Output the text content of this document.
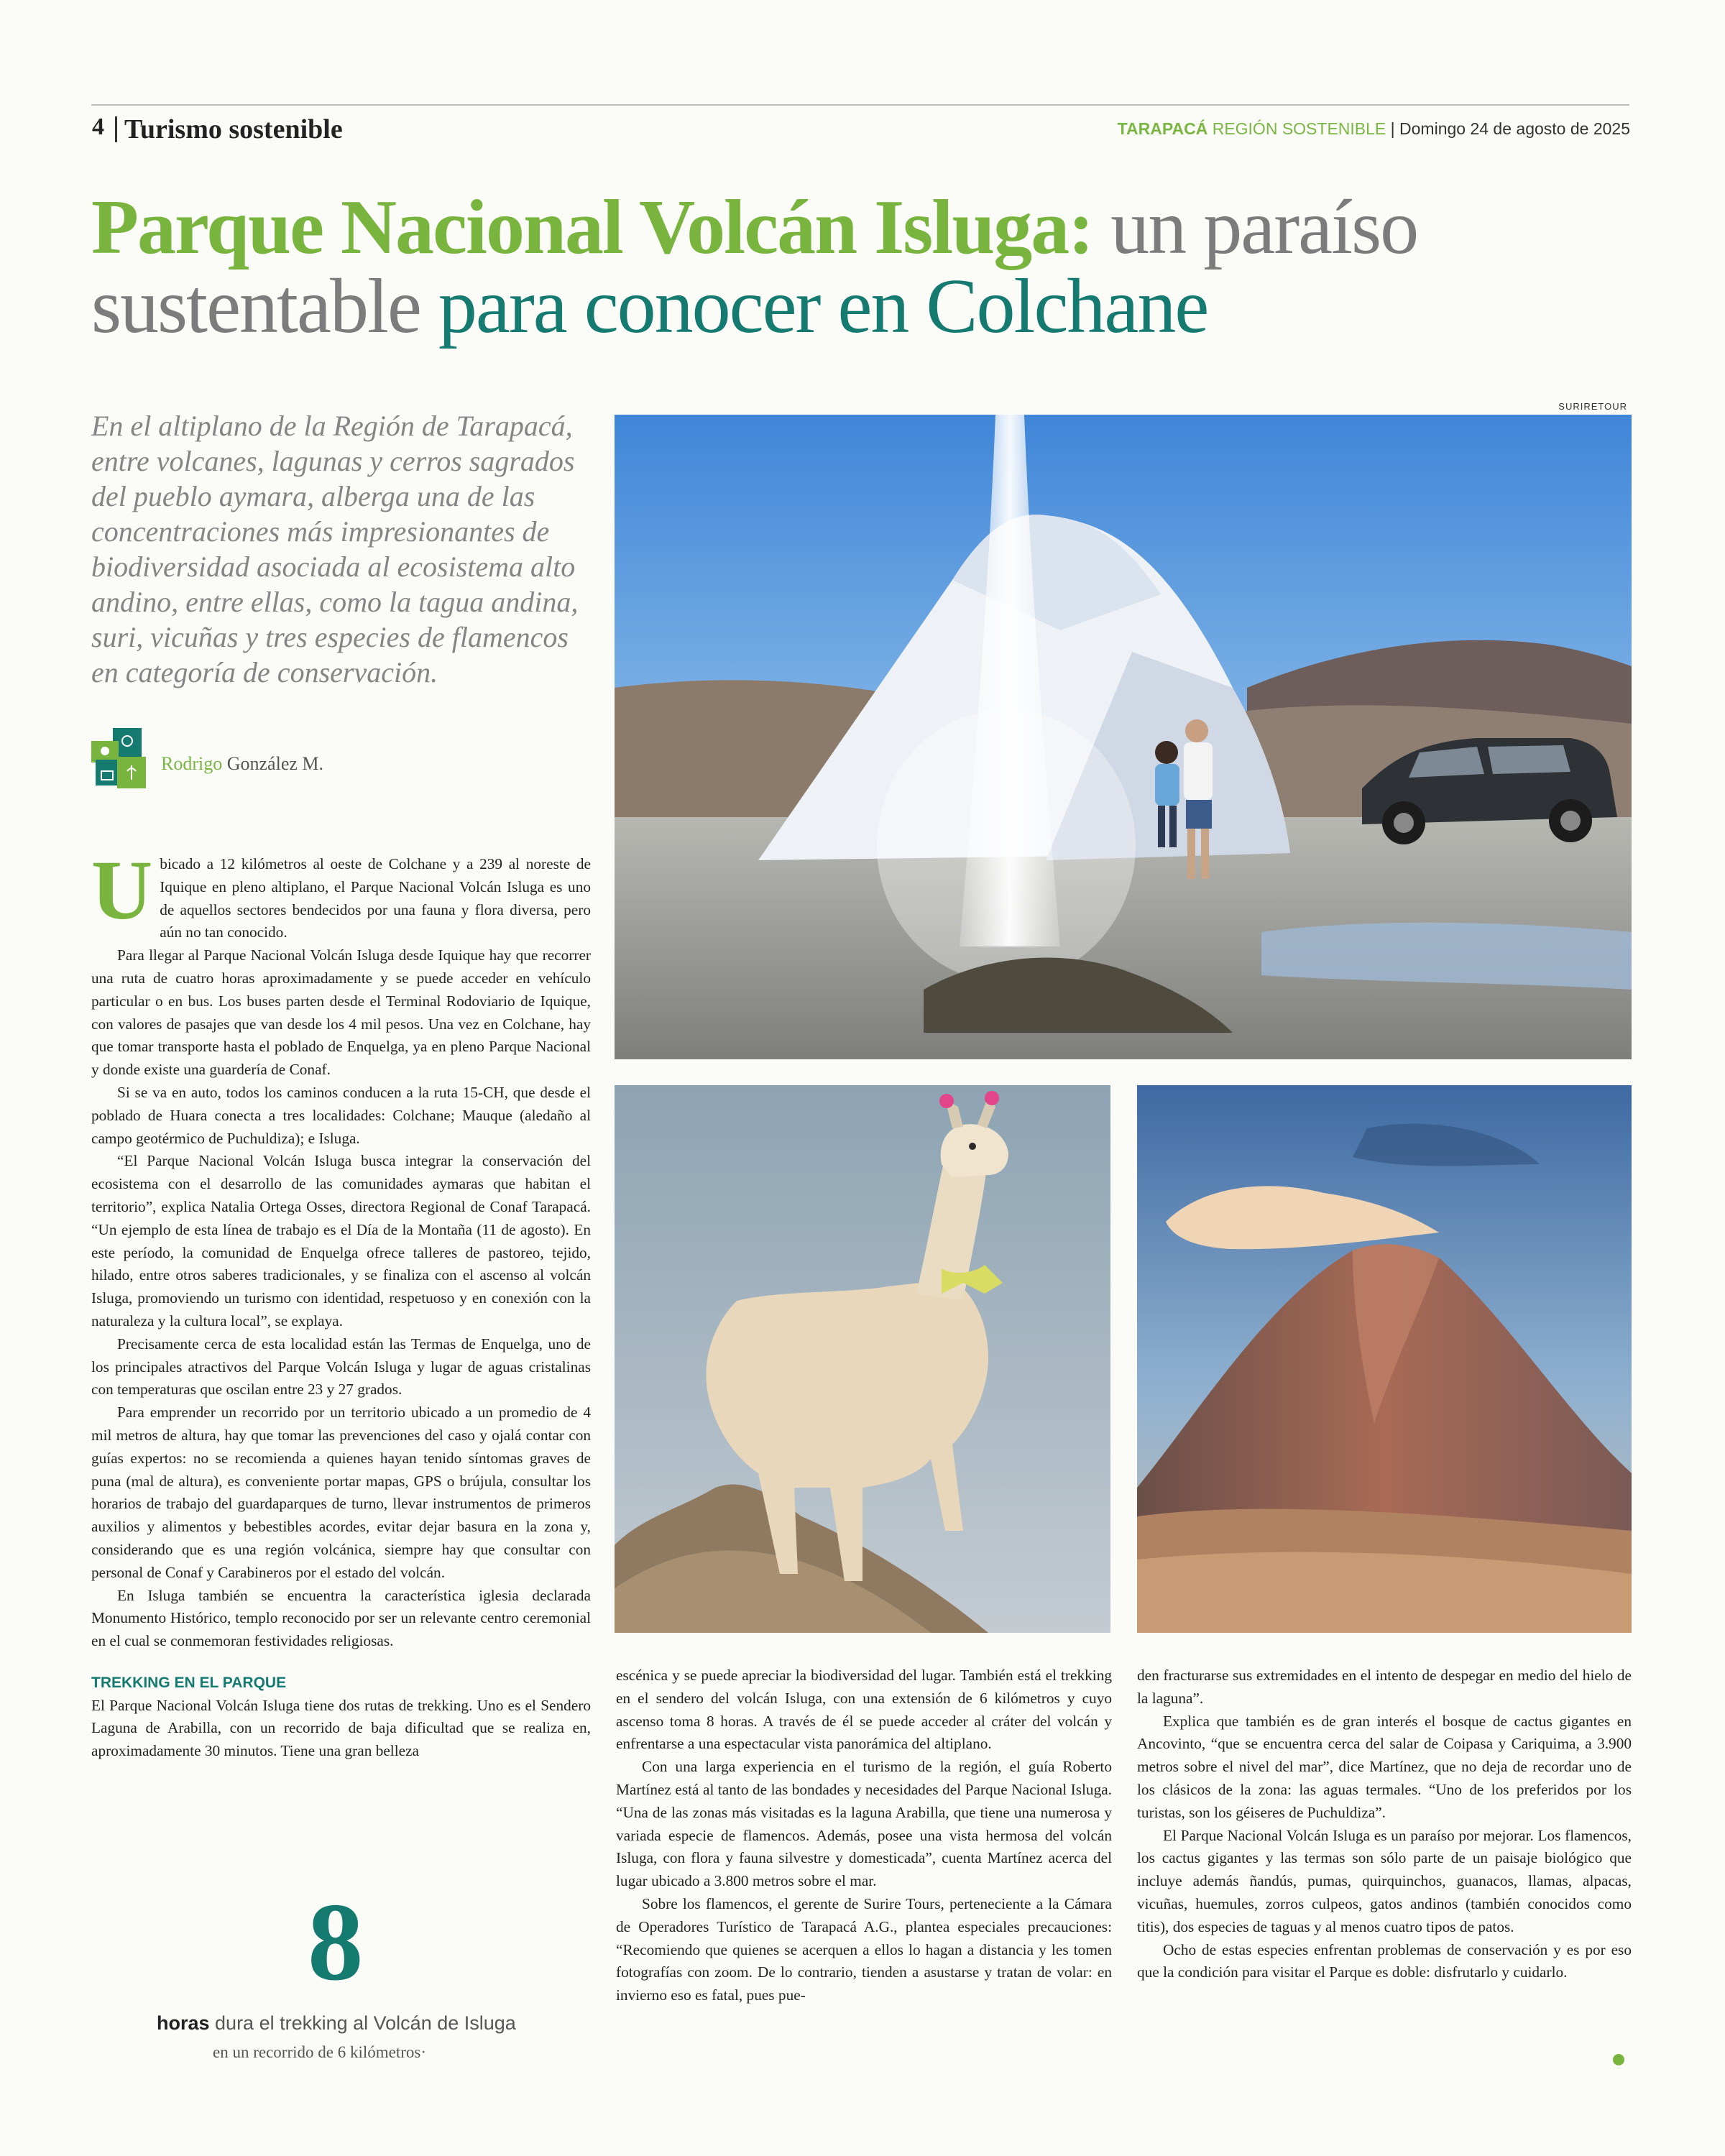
4 Turismo sostenible	TARAPACÁ REGIÓN SOSTENIBLE | Domingo 24 de agosto de 2025
Parque Nacional Volcán Isluga: un paraíso sustentable para conocer en Colchane
En el altiplano de la Región de Tarapacá, entre volcanes, lagunas y cerros sagrados del pueblo aymara, alberga una de las concentraciones más impresionantes de biodiversidad asociada al ecosistema alto andino, entre ellas, como la tagua andina, suri, vicuñas y tres especies de flamencos en categoría de conservación.
Rodrigo González M.
SURIRETOUR

Ubicado a 12 kilómetros al oeste de Colchane y a 239 al noreste de Iquique en pleno altiplano, el Parque Nacional Volcán Isluga es uno de aquellos sectores bendecidos por una fauna y flora diversa, pero aún no tan conocido.

Para llegar al Parque Nacional Volcán Isluga desde Iquique hay que recorrer una ruta de cuatro horas aproximadamente y se puede acceder en vehículo particular o en bus. Los buses parten desde el Terminal Rodoviario de Iquique, con valores de pasajes que van desde los 4 mil pesos. Una vez en Colchane, hay que tomar transporte hasta el poblado de Enquelga, ya en pleno Parque Nacional y donde existe una guardería de Conaf.

Si se va en auto, todos los caminos conducen a la ruta 15-CH, que desde el poblado de Huara conecta a tres localidades: Colchane; Mauque (aledaño al campo geotérmico de Puchuldiza); e Isluga.

“El Parque Nacional Volcán Isluga busca integrar la conservación del ecosistema con el desarrollo de las comunidades aymaras que habitan el territorio”, explica Natalia Ortega Osses, directora Regional de Conaf Tarapacá. “Un ejemplo de esta línea de trabajo es el Día de la Montaña (11 de agosto). En este período, la comunidad de Enquelga ofrece talleres de pastoreo, tejido, hilado, entre otros saberes tradicionales, y se finaliza con el ascenso al volcán Isluga, promoviendo un turismo con identidad, respetuoso y en conexión con la naturaleza y la cultura local”, se explaya.

Precisamente cerca de esta localidad están las Termas de Enquelga, uno de los principales atractivos del Parque Volcán Isluga y lugar de aguas cristalinas con temperaturas que oscilan entre 23 y 27 grados.

Para emprender un recorrido por un territorio ubicado a un promedio de 4 mil metros de altura, hay que tomar las prevenciones del caso y ojalá contar con guías expertos: no se recomienda a quienes hayan tenido síntomas graves de puna (mal de altura), es conveniente portar mapas, GPS o brújula, consultar los horarios de trabajo del guardaparques de turno, llevar instrumentos de primeros auxilios y alimentos y bebestibles acordes, evitar dejar basura en la zona y, considerando que es una región volcánica, siempre hay que consultar con personal de Conaf y Carabineros por el estado del volcán.

En Isluga también se encuentra la característica iglesia declarada Monumento Histórico, templo reconocido por ser un relevante centro ceremonial en el cual se conmemoran festividades religiosas.

TREKKING EN EL PARQUE

El Parque Nacional Volcán Isluga tiene dos rutas de trekking. Uno es el Sendero Laguna de Arabilla, con un recorrido de baja dificultad que se realiza en, aproximadamente 30 minutos. Tiene una gran belleza

8
horas dura el trekking al Volcán de Isluga
en un recorrido de 6 kilómetros·

escénica y se puede apreciar la biodiversidad del lugar. También está el trekking en el sendero del volcán Isluga, con una extensión de 6 kilómetros y cuyo ascenso toma 8 horas. A través de él se puede acceder al cráter del volcán y enfrentarse a una espectacular vista panorámica del altiplano.

Con una larga experiencia en el turismo de la región, el guía Roberto Martínez está al tanto de las bondades y necesidades del Parque Nacional Isluga. “Una de las zonas más visitadas es la laguna Arabilla, que tiene una numerosa y variada especie de flamencos. Además, posee una vista hermosa del volcán Isluga, con flora y fauna silvestre y domesticada”, cuenta Martínez acerca del lugar ubicado a 3.800 metros sobre el mar.

Sobre los flamencos, el gerente de Surire Tours, perteneciente a la Cámara de Operadores Turístico de Tarapacá A.G., plantea especiales precauciones: “Recomiendo que quienes se acerquen a ellos lo hagan a distancia y les tomen fotografías con zoom. De lo contrario, tienden a asustarse y tratan de volar: en invierno eso es fatal, pues pue-

den fracturarse sus extremidades en el intento de despegar en medio del hielo de la laguna”.

Explica que también es de gran interés el bosque de cactus gigantes en Ancovinto, “que se encuentra cerca del salar de Coipasa y Cariquima, a 3.900 metros sobre el nivel del mar”, dice Martínez, que no deja de recordar uno de los clásicos de la zona: las aguas termales. “Uno de los preferidos por los turistas, son los géiseres de Puchuldiza”.

El Parque Nacional Volcán Isluga es un paraíso por mejorar. Los flamencos, los cactus gigantes y las termas son sólo parte de un paisaje biológico que incluye además ñandús, pumas, quirquinchos, guanacos, llamas, alpacas, vicuñas, huemules, zorros culpeos, gatos andinos (también conocidos como titis), dos especies de taguas y al menos cuatro tipos de patos.

Ocho de estas especies enfrentan problemas de conservación y es por eso que la condición para visitar el Parque es doble: disfrutarlo y cuidarlo.
